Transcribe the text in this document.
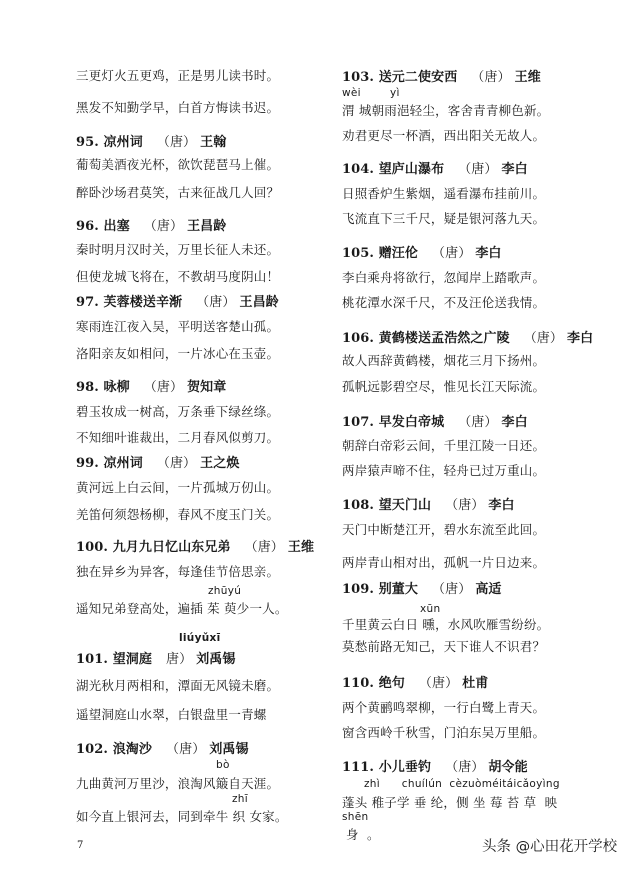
三更灯火五更鸡，正是男儿读书时。
黑发不知勤学早，白首方悔读书迟。
95. 凉州词 （唐） 王翰
葡萄美酒夜光杯，欲饮琵琶马上催。
醉卧沙场君莫笑，古来征战几人回？
96. 出塞 （唐） 王昌龄
秦时明月汉时关，万里长征人未还。
但使龙城飞将在，不教胡马度阴山！
97. 芙蓉楼送辛渐 （唐） 王昌龄
寒雨连江夜入吴，平明送客楚山孤。
洛阳亲友如相问，一片冰心在玉壶。
98. 咏柳 （唐） 贺知章
碧玉妆成一树高，万条垂下绿丝绦。
不知细叶谁裁出，二月春风似剪刀。
99. 凉州词 （唐） 王之焕
黄河远上白云间，一片孤城万仞山。
羌笛何须怨杨柳，春风不度玉门关。
100. 九月九日忆山东兄弟 （唐） 王维
独在异乡为异客，每逢佳节倍思亲。
zhūyú
遥知兄弟登高处，遍插 茱 萸少一人。
liúyǔxī
101. 望洞庭 唐） 刘禹锡
湖光秋月两相和，潭面无风镜未磨。
遥望洞庭山水翠，白银盘里一青螺
102. 浪淘沙 （唐） 刘禹锡
bò
九曲黄河万里沙，浪淘风簸自天涯。
zhī
如今直上银河去，同到牵牛 织 女家。
7
103. 送元二使安西 （唐） 王维
wèi        yì
渭 城朝雨浥轻尘，客舍青青柳色新。
劝君更尽一杯酒，西出阳关无故人。
104. 望庐山瀑布 （唐） 李白
日照香炉生紫烟，遥看瀑布挂前川。
飞流直下三千尺，疑是银河落九天。
105. 赠汪伦 （唐） 李白
李白乘舟将欲行，忽闻岸上踏歌声。
桃花潭水深千尺，不及汪伦送我情。
106. 黄鹤楼送孟浩然之广陵 （唐） 李白
故人西辞黄鹤楼，烟花三月下扬州。
孤帆远影碧空尽，惟见长江天际流。
107. 早发白帝城 （唐） 李白
朝辞白帝彩云间，千里江陵一日还。
两岸猿声啼不住，轻舟已过万重山。
108. 望天门山 （唐） 李白
天门中断楚江开，碧水东流至此回。
两岸青山相对出，孤帆一片日边来。
109. 别董大 （唐） 高适
xūn
千里黄云白日 曛，水风吹雁雪纷纷。
莫愁前路无知己，天下谁人不识君？
110. 绝句 （唐） 杜甫
两个黄鹂鸣翠柳，一行白鹭上青天。
窗含西岭千秋雪，门泊东吴万里船。
111. 小儿垂钓 （唐） 胡令能
zhì      chuílún  cèzuòméitáicǎoyìng
蓬头 稚子学 垂 纶，侧 坐 莓 苔 草  映
shēn
身  。
头条 @心田花开学校
